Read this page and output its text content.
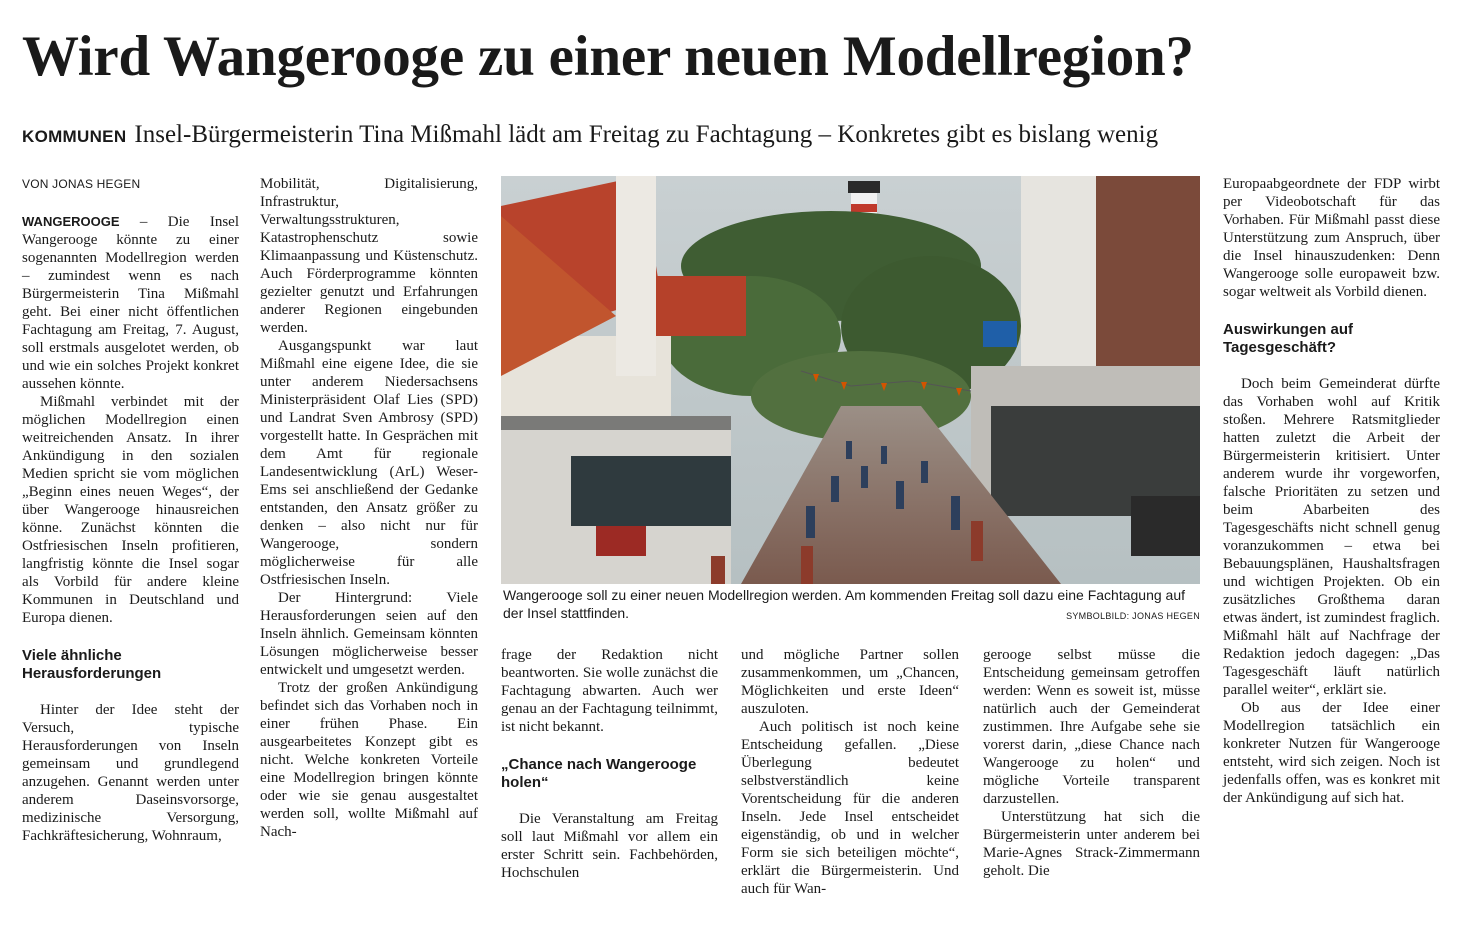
Wird Wangerooge zu einer neuen Modellregion?
KOMMUNEN Insel-Bürgermeisterin Tina Mißmahl lädt am Freitag zu Fachtagung – Konkretes gibt es bislang wenig
VON JONAS HEGEN

WANGEROOGE – Die Insel Wangerooge könnte zu einer sogenannten Modellregion werden – zumindest wenn es nach Bürgermeisterin Tina Mißmahl geht. Bei einer nicht öffentlichen Fachtagung am Freitag, 7. August, soll erstmals ausgelotet werden, ob und wie ein solches Projekt konkret aussehen könnte.

Mißmahl verbindet mit der möglichen Modellregion einen weitreichenden Ansatz. In ihrer Ankündigung in den sozialen Medien spricht sie vom möglichen „Beginn eines neuen Weges“, der über Wangerooge hinausreichen könne. Zunächst könnten die Ostfriesischen Inseln profitieren, langfristig könnte die Insel sogar als Vorbild für andere kleine Kommunen in Deutschland und Europa dienen.

Viele ähnliche Herausforderungen

Hinter der Idee steht der Versuch, typische Herausforderungen von Inseln gemeinsam und grundlegend anzugehen. Genannt werden unter anderem Daseinsvorsorge, medizinische Versorgung, Fachkräftesicherung, Wohnraum,

Mobilität, Digitalisierung, Infrastruktur, Verwaltungsstrukturen, Katastrophenschutz sowie Klimaanpassung und Küstenschutz. Auch Förderprogramme könnten gezielter genutzt und Erfahrungen anderer Regionen eingebunden werden.

Ausgangspunkt war laut Mißmahl eine eigene Idee, die sie unter anderem Niedersachsens Ministerpräsident Olaf Lies (SPD) und Landrat Sven Ambrosy (SPD) vorgestellt hatte. In Gesprächen mit dem Amt für regionale Landesentwicklung (ArL) Weser-Ems sei anschließend der Gedanke entstanden, den Ansatz größer zu denken – also nicht nur für Wangerooge, sondern möglicherweise für alle Ostfriesischen Inseln.

Der Hintergrund: Viele Herausforderungen seien auf den Inseln ähnlich. Gemeinsam könnten Lösungen möglicherweise besser entwickelt und umgesetzt werden.

Trotz der großen Ankündigung befindet sich das Vorhaben noch in einer frühen Phase. Ein ausgearbeitetes Konzept gibt es nicht. Welche konkreten Vorteile eine Modellregion bringen könnte oder wie sie genau ausgestaltet werden soll, wollte Mißmahl auf Nach-

Wangerooge soll zu einer neuen Modellregion werden. Am kommenden Freitag soll dazu eine Fachtagung auf der Insel stattfinden.	SYMBOLBILD: JONAS HEGEN

frage der Redaktion nicht beantworten. Sie wolle zunächst die Fachtagung abwarten. Auch wer genau an der Fachtagung teilnimmt, ist nicht bekannt.

„Chance nach Wangerooge holen“

Die Veranstaltung am Freitag soll laut Mißmahl vor allem ein erster Schritt sein. Fachbehörden, Hochschulen

und mögliche Partner sollen zusammenkommen, um „Chancen, Möglichkeiten und erste Ideen“ auszuloten.

Auch politisch ist noch keine Entscheidung gefallen. „Diese Überlegung bedeutet selbstverständlich keine Vorentscheidung für die anderen Inseln. Jede Insel entscheidet eigenständig, ob und in welcher Form sie sich beteiligen möchte“, erklärt die Bürgermeisterin. Und auch für Wan-

gerooge selbst müsse die Entscheidung gemeinsam getroffen werden: Wenn es soweit ist, müsse natürlich auch der Gemeinderat zustimmen. Ihre Aufgabe sehe sie vorerst darin, „diese Chance nach Wangerooge zu holen“ und mögliche Vorteile transparent darzustellen.

Unterstützung hat sich die Bürgermeisterin unter anderem bei Marie-Agnes Strack-Zimmermann geholt. Die

Europaabgeordnete der FDP wirbt per Videobotschaft für das Vorhaben. Für Mißmahl passt diese Unterstützung zum Anspruch, über die Insel hinauszudenken: Denn Wangerooge solle europaweit bzw. sogar weltweit als Vorbild dienen.

Auswirkungen auf Tagesgeschäft?

Doch beim Gemeinderat dürfte das Vorhaben wohl auf Kritik stoßen. Mehrere Ratsmitglieder hatten zuletzt die Arbeit der Bürgermeisterin kritisiert. Unter anderem wurde ihr vorgeworfen, falsche Prioritäten zu setzen und beim Abarbeiten des Tagesgeschäfts nicht schnell genug voranzukommen – etwa bei Bebauungsplänen, Haushaltsfragen und wichtigen Projekten. Ob ein zusätzliches Großthema daran etwas ändert, ist zumindest fraglich. Mißmahl hält auf Nachfrage der Redaktion jedoch dagegen: „Das Tagesgeschäft läuft natürlich parallel weiter“, erklärt sie.

Ob aus der Idee einer Modellregion tatsächlich ein konkreter Nutzen für Wangerooge entsteht, wird sich zeigen. Noch ist jedenfalls offen, was es konkret mit der Ankündigung auf sich hat.
